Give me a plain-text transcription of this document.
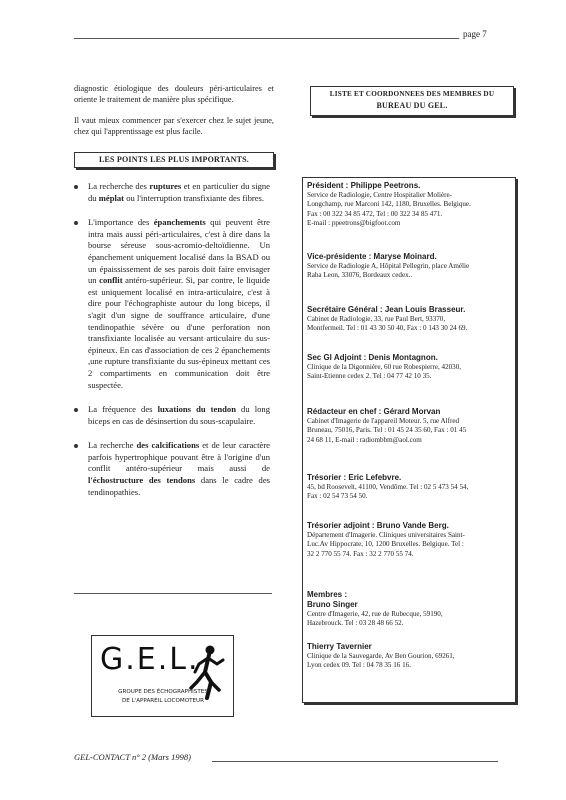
page 7

diagnostic étiologique des douleurs péri-articulaires et oriente le traitement de manière plus spécifique.

Il vaut mieux commencer par s'exercer chez le sujet jeune, chez qui l'apprentissage est plus facile.

LES POINTS LES PLUS IMPORTANTS.
La recherche des ruptures et en particulier du signe du méplat ou l'interruption transfixiante des fibres.
L'importance des épanchements qui peuvent être intra mais aussi péri-articulaires, c'est à dire dans la bourse séreuse sous-acromio-deltoïdienne. Un épanchement uniquement localisé dans la BSAD ou un épaississement de ses parois doit faire envisager un conflit antéro-supérieur. Si, par contre, le liquide est uniquement localisé en intra-articulaire, c'est à dire pour l'échographiste autour du long biceps, il s'agit d'un signe de souffrance articulaire, d'une tendinopathie sévère ou d'une perforation non transfixiante localisée au versant articulaire du sus-épineux. En cas d'association de ces 2 épanchements ,une rupture transfixiante du sus-épineux mettant ces 2 compartiments en communication doit être suspectée.
La fréquence des luxations du tendon du long biceps en cas de désinsertion du sous-scapulaire.
La recherche des calcifications et de leur caractère parfois hypertrophique pouvant être à l'origine d'un conflit antéro-supérieur mais aussi de l'échostructure des tendons dans le cadre des tendinopathies.
G.E.L.
GROUPE DES ÉCHOGRAPHISTES
DE L'APPAREIL LOCOMOTEUR
LISTE ET COORDONNEES DES MEMBRES DU
BUREAU DU GEL.
Président : Philippe Peetrons.
Service de Radiologie, Centre Hospitalier Molière-
Longchamp, rue Marconi 142, 1180, Bruxelles. Belgique.
Fax : 00 322 34 85 472, Tel : 00 322 34 85 471.
E-mail : ppeetrons@bigfoot.com
Vice-présidente : Maryse Moinard.
Service de Radiologie A, Hôpital Pellegrin, place Amélie
Raba Leon, 33076, Bordeaux cedex..
Secrétaire Général : Jean Louis Brasseur.
Cabinet de Radiologie, 33, rue Paul Bert, 93370,
Montfermeil. Tel : 01 43 30 50 40, Fax : 0 143 30 24 69.
Sec Gl Adjoint : Denis Montagnon.
Clinique de la Digonnière, 60 rue Robespierre, 42030,
Saint-Etienne cedex 2. Tel : 04 77 42 10 35.
Rédacteur en chef : Gérard Morvan
Cabinet d'Imagerie de l'appareil Moteur. 5, rue Alfred
Bruneau, 75016, Paris. Tel : 01 45 24 35 60, Fax : 01 45
24 68 11, E-mail : radiombbm@aol.com
Trésorier : Eric Lefebvre.
45, bd Roosevelt, 41100, Vendôme. Tel : 02 5 473 54 54,
Fax : 02 54 73 54 50.
Trésorier adjoint : Bruno Vande Berg.
Département d'Imagerie. Cliniques universitaires Saint-
Luc.Av Hippocrate, 10, 1200 Bruxelles. Belgique. Tel :
32 2 770 55 74. Fax : 32 2 770 55 74.
Membres :
Bruno Singer
Centre d'Imagerie, 42, rue de Rubecque, 59190,
Hazebrouck. Tel : 03 28 48 66 52.
Thierry Tavernier
Clinique de la Sauvegarde, Av Ben Gourion, 69261,
Lyon cedex 09. Tel : 04 78 35 16 16.
GEL-CONTACT n° 2 (Mars 1998)
